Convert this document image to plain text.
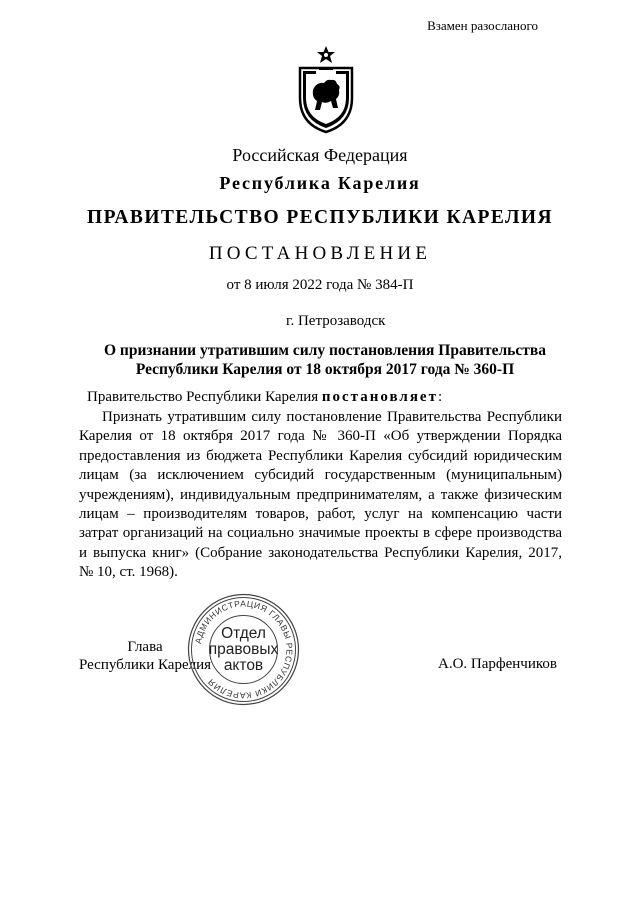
Взамен разосланого
Российская Федерация
Республика Карелия
ПРАВИТЕЛЬСТВО РЕСПУБЛИКИ КАРЕЛИЯ
ПОСТАНОВЛЕНИЕ
от 8 июля 2022 года № 384-П
г. Петрозаводск
О признании утратившим силу постановления Правительства Республики Карелия от 18 октября 2017 года № 360-П
Правительство Республики Карелия постановляет:

Признать утратившим силу постановление Правительства Республики Карелия от 18 октября 2017 года № 360-П «Об утверждении Порядка предоставления из бюджета Республики Карелия субсидий юридическим лицам (за исключением субсидий государственным (муниципальным) учреждениям), индивидуальным предпринимателям, а также физическим лицам – производителям товаров, работ, услуг на компенсацию части затрат организаций на социально значимые проекты в сфере производства и выпуска книг» (Собрание законодательства Республики Карелия, 2017, № 10, ст. 1968).

Глава
Республики Карелия	А.О. Парфенчиков
АДМИНИСТРАЦИЯ ГЛАВЫ РЕСПУБЛИКИ КАРЕЛИЯ
Отдел
правовых
актов
